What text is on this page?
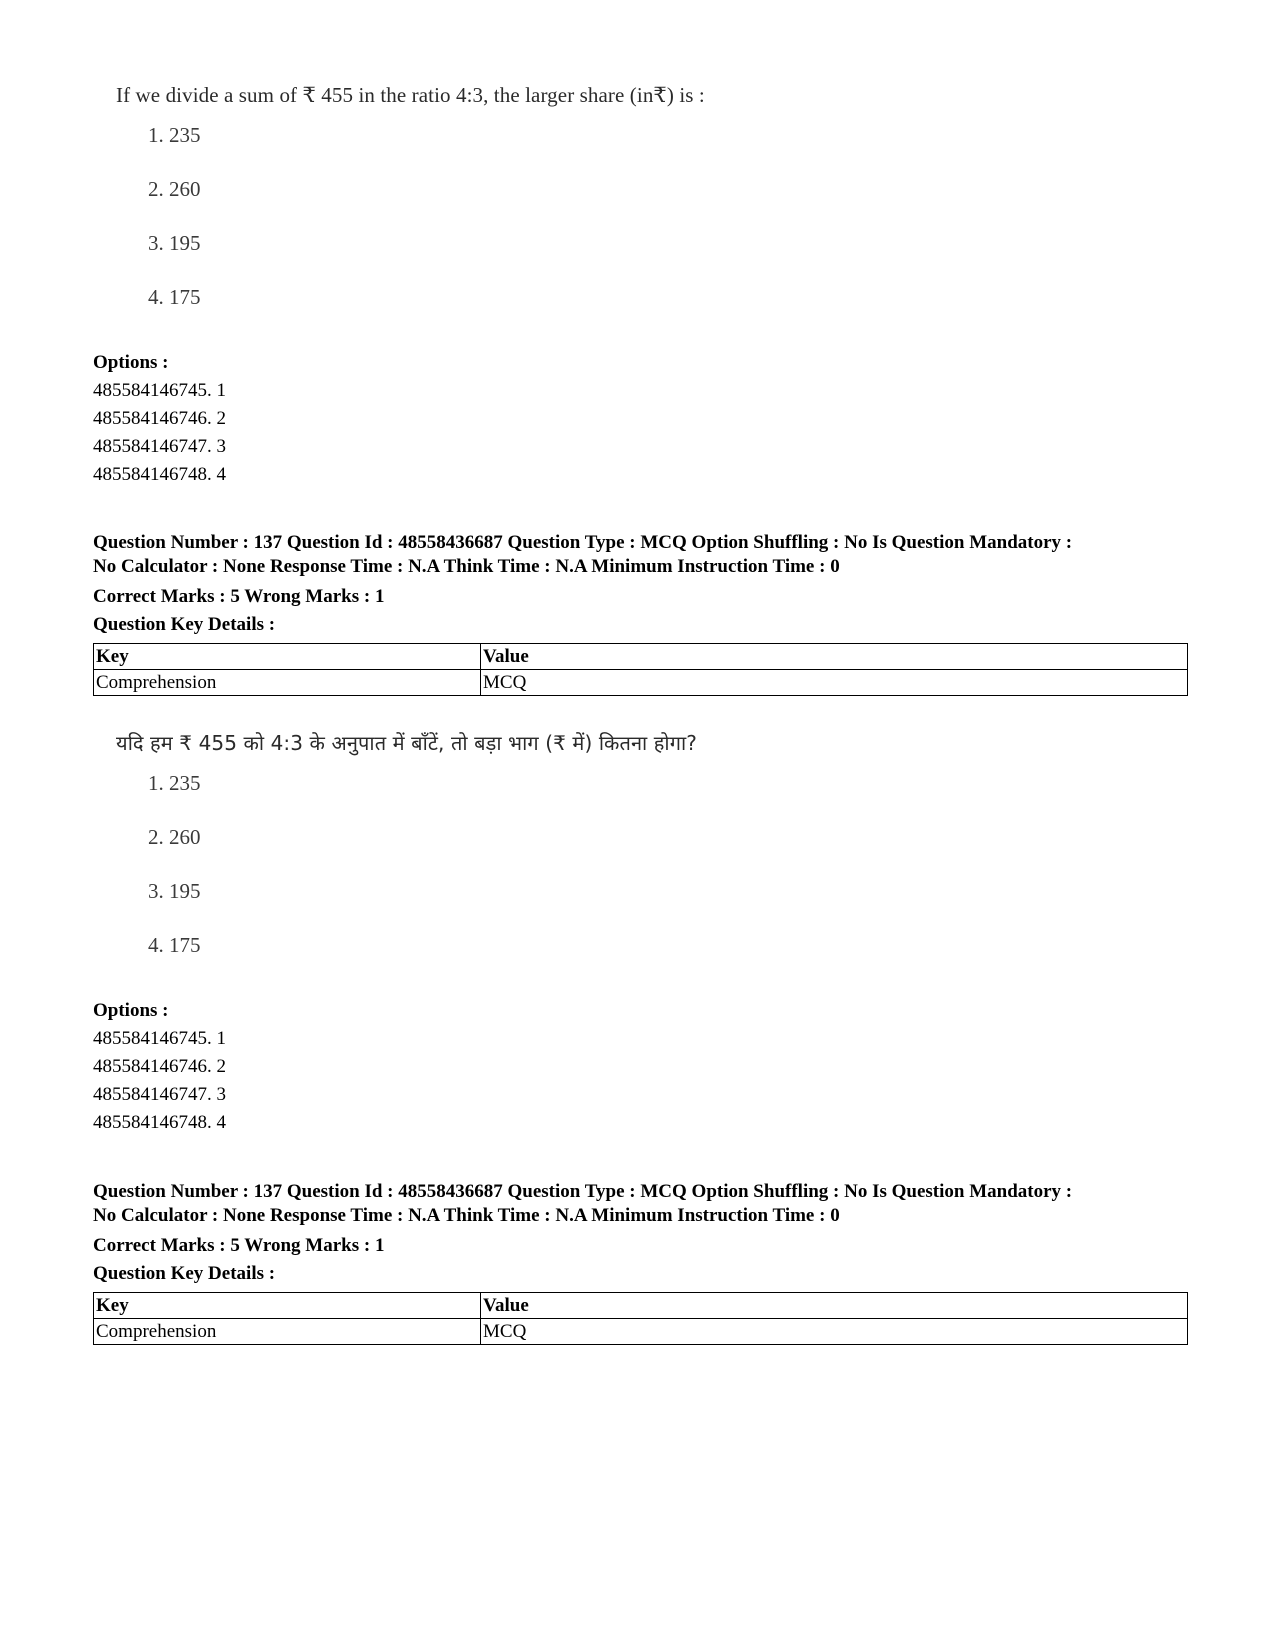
If we divide a sum of ₹ 455 in the ratio 4:3, the larger share (in₹) is :
1. 235
2. 260
3. 195
4. 175
Options :
485584146745. 1
485584146746. 2
485584146747. 3
485584146748. 4
Question Number : 137 Question Id : 48558436687 Question Type : MCQ Option Shuffling : No Is Question Mandatory :
No Calculator : None Response Time : N.A Think Time : N.A Minimum Instruction Time : 0
Correct Marks : 5 Wrong Marks : 1
Question Key Details :
Key	Value
Comprehension	MCQ
यदि हम ₹ 455 को 4:3 के अनुपात में बाँटें, तो बड़ा भाग (₹ में) कितना होगा?
1. 235
2. 260
3. 195
4. 175
Options :
485584146745. 1
485584146746. 2
485584146747. 3
485584146748. 4
Question Number : 137 Question Id : 48558436687 Question Type : MCQ Option Shuffling : No Is Question Mandatory :
No Calculator : None Response Time : N.A Think Time : N.A Minimum Instruction Time : 0
Correct Marks : 5 Wrong Marks : 1
Question Key Details :
Key	Value
Comprehension	MCQ
